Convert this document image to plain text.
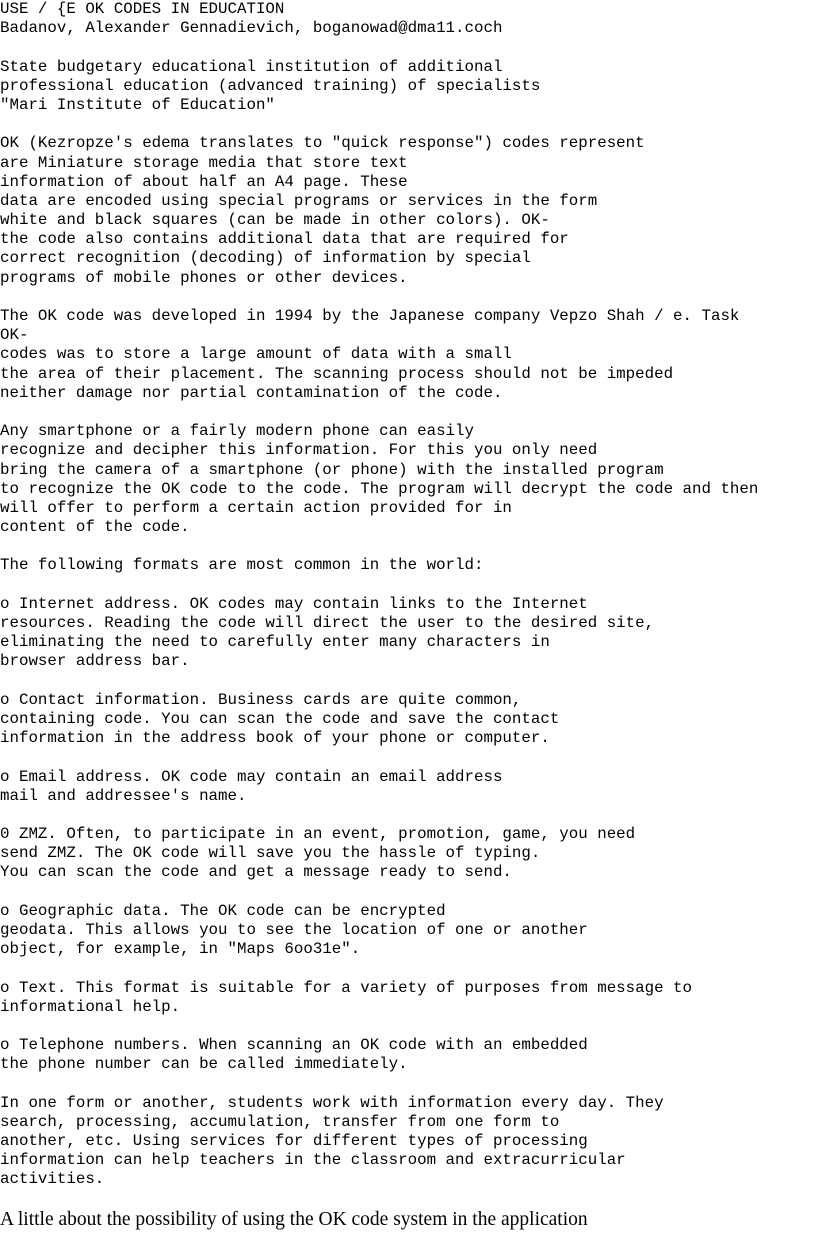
USE / {E OK CODES IN EDUCATION
Badanov, Alexander Gennadievich, boganowad@dma11.coch
State budgetary educational institution of additional
professional education (advanced training) of specialists
"Mari Institute of Education"
OK (Kezropze's edema translates to "quick response") codes represent
are Miniature storage media that store text
information of about half an A4 page. These
data are encoded using special programs or services in the form
white and black squares (can be made in other colors). OK-
the code also contains additional data that are required for
correct recognition (decoding) of information by special
programs of mobile phones or other devices.
The OK code was developed in 1994 by the Japanese company Vepzo Shah / e. Task
OK-
codes was to store a large amount of data with a small
the area of their placement. The scanning process should not be impeded
neither damage nor partial contamination of the code.
Any smartphone or a fairly modern phone can easily
recognize and decipher this information. For this you only need
bring the camera of a smartphone (or phone) with the installed program
to recognize the OK code to the code. The program will decrypt the code and then
will offer to perform a certain action provided for in
content of the code.
The following formats are most common in the world:
o Internet address. OK codes may contain links to the Internet
resources. Reading the code will direct the user to the desired site,
eliminating the need to carefully enter many characters in
browser address bar.
o Contact information. Business cards are quite common,
containing code. You can scan the code and save the contact
information in the address book of your phone or computer.
o Email address. OK code may contain an email address
mail and addressee's name.
0 ZMZ. Often, to participate in an event, promotion, game, you need
send ZMZ. The OK code will save you the hassle of typing.
You can scan the code and get a message ready to send.
o Geographic data. The OK code can be encrypted
geodata. This allows you to see the location of one or another
object, for example, in "Maps 6oo31e".
o Text. This format is suitable for a variety of purposes from message to
informational help.
o Telephone numbers. When scanning an OK code with an embedded
the phone number can be called immediately.
In one form or another, students work with information every day. They
search, processing, accumulation, transfer from one form to
another, etc. Using services for different types of processing
information can help teachers in the classroom and extracurricular
activities.
A little about the possibility of using the OK code system in the application
